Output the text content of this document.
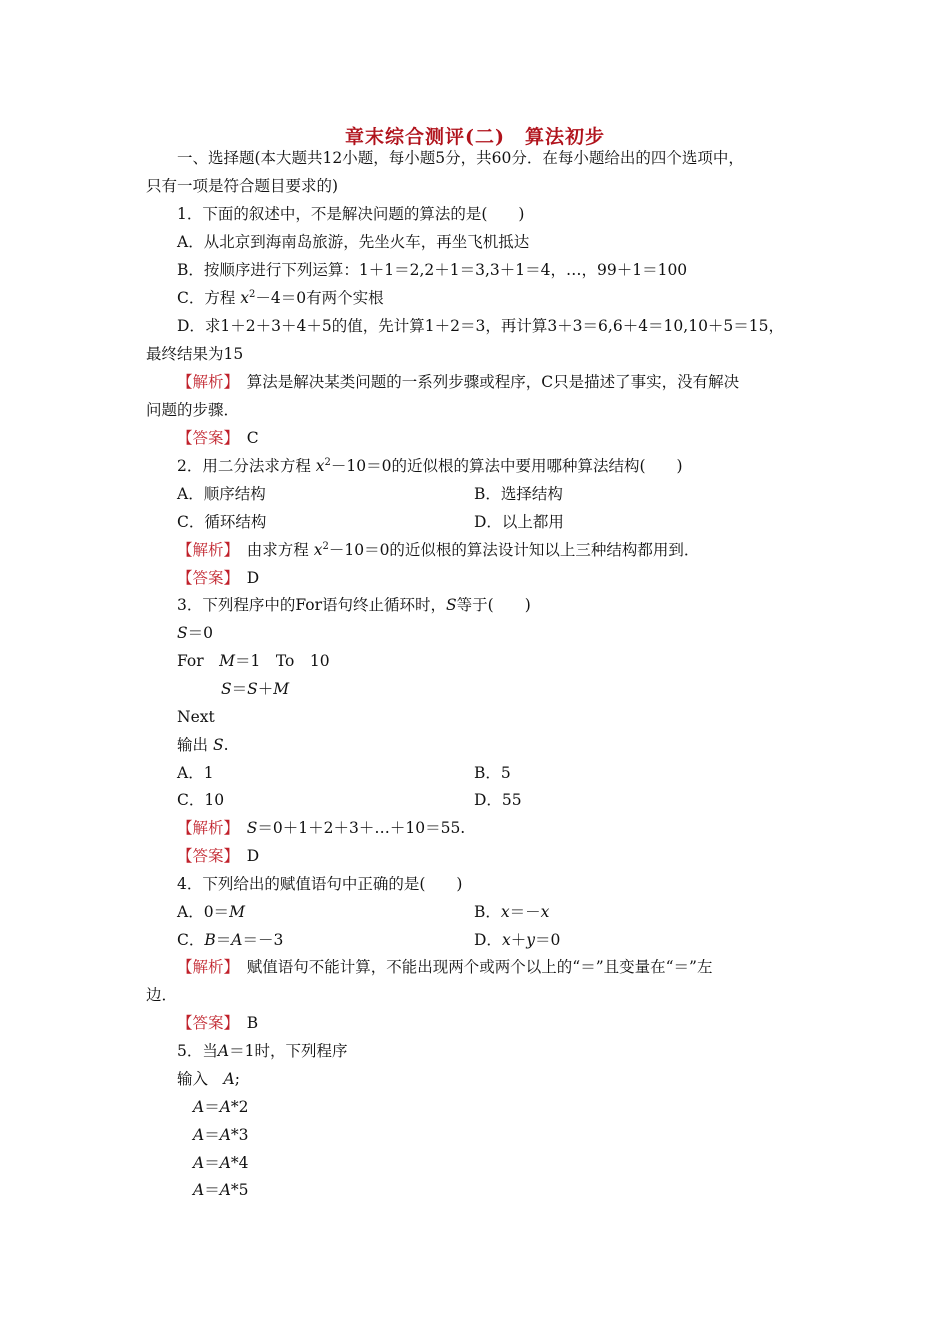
章末综合测评(二)　算法初步
一、选择题(本大题共12小题，每小题5分，共60分．在每小题给出的四个选项中，
只有一项是符合题目要求的)
1．下面的叙述中，不是解决问题的算法的是(　　)
A．从北京到海南岛旅游，先坐火车，再坐飞机抵达
B．按顺序进行下列运算：1＋1＝2,2＋1＝3,3＋1＝4，…，99＋1＝100
C．方程 $x^2-4=0$有两个实根
D．求1＋2＋3＋4＋5的值，先计算1＋2＝3，再计算3＋3＝6,6＋4＝10,10＋5＝15，
最终结果为15
【解析】　 算法是解决某类问题的一系列步骤或程序，C只是描述了事实，没有解决
问题的步骤．
【答案】　 C
2．用二分法求方程 $x^2-10=0$的近似根的算法中要用哪种算法结构(　　)
A．顺序结构	B．选择结构
C．循环结构	D．以上都用
【解析】　 由求方程 $x^2-10=0$的近似根的算法设计知以上三种结构都用到．
【答案】　 D
3．下列程序中的For语句终止循环时，S等于(　　)
S＝0
For　M＝1　To　10
S＝S＋M
Next
输出 S.
A．1	B．5
C．10	D．55
【解析】　 S＝0＋1＋2＋3＋…＋10＝55.
【答案】　 D
4．下列给出的赋值语句中正确的是(　　)
A．0＝M	B．x＝－x
C．B＝A＝－3	D．x＋y＝0
【解析】　 赋值语句不能计算，不能出现两个或两个以上的“＝”且变量在“＝”左
边．
【答案】　 B
5．当A＝1时，下列程序
输入　A;
A＝A*2
A＝A*3
A＝A*4
A＝A*5
